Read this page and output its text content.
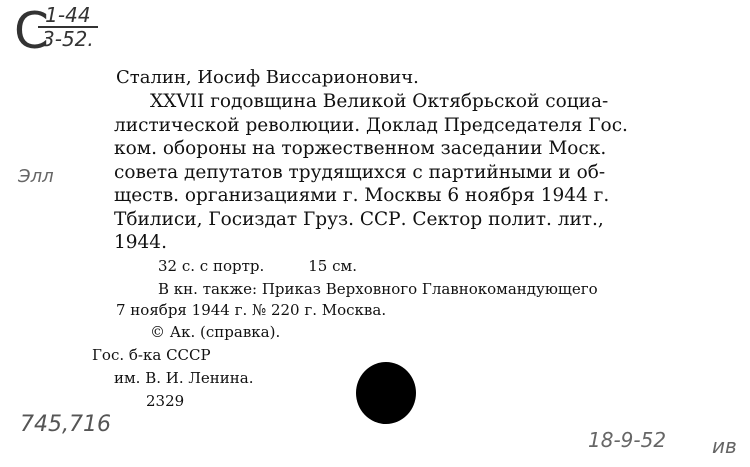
С
$\frac{1-44}{3-52.}$
Элл
Сталин, Иосиф Виссарионович.
XXVII годовщина Великой Октябрьской социа-
листической революции. Доклад Председателя Гос.
ком. обороны на торжественном заседании Моск.
совета депутатов трудящихся с партийными и об-
ществ. организациями г. Москвы 6 ноября 1944 г.
Тбилиси, Госиздат Груз. ССР. Сектор полит. лит.,
1944.
32 с. с портр.	15 см.
В кн. также: Приказ Верховного Главнокомандующего
7 ноября 1944 г. № 220 г. Москва.
© Ак. (справка).
Гос. б-ка СССР
им. В. И. Ленина.
2329
745,716
18-9-52 ив
